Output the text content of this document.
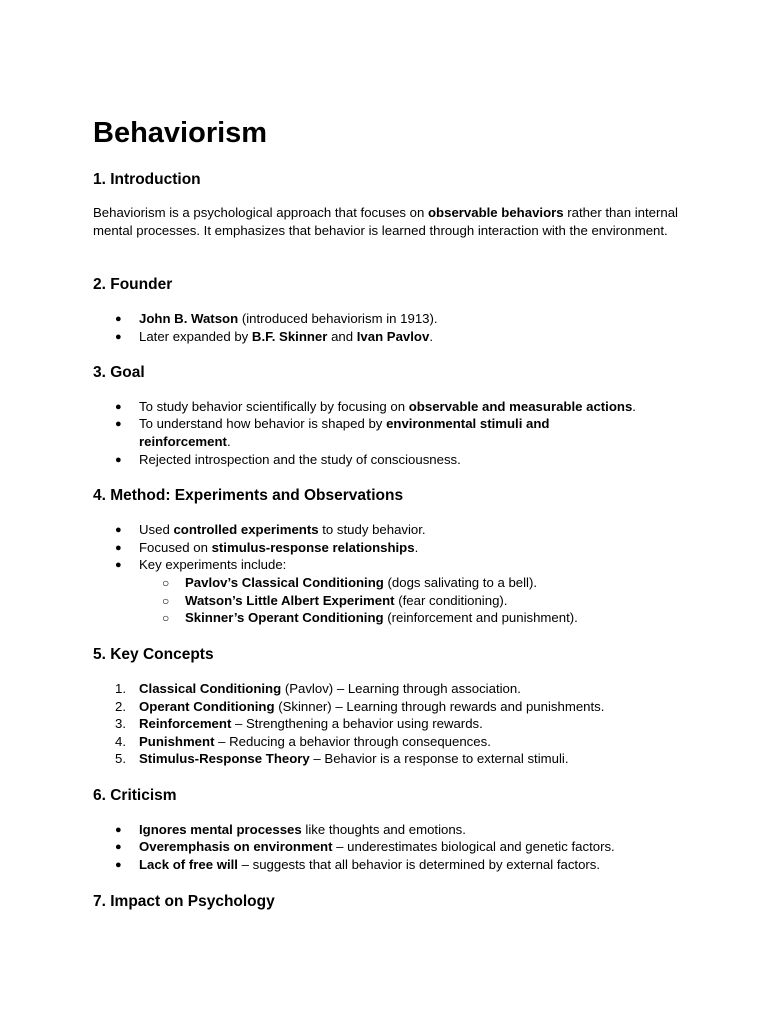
Behaviorism
1. Introduction

Behaviorism is a psychological approach that focuses on observable behaviors rather than internal mental processes. It emphasizes that behavior is learned through interaction with the environment.

2. Founder
● John B. Watson (introduced behaviorism in 1913).
● Later expanded by B.F. Skinner and Ivan Pavlov.
3. Goal
● To study behavior scientifically by focusing on observable and measurable actions.
● To understand how behavior is shaped by environmental stimuli and reinforcement.
● Rejected introspection and the study of consciousness.
4. Method: Experiments and Observations
● Used controlled experiments to study behavior.
● Focused on stimulus-response relationships.
● Key experiments include:
○ Pavlov’s Classical Conditioning (dogs salivating to a bell).
○ Watson’s Little Albert Experiment (fear conditioning).
○ Skinner’s Operant Conditioning (reinforcement and punishment).
5. Key Concepts
1. Classical Conditioning (Pavlov) – Learning through association.
2. Operant Conditioning (Skinner) – Learning through rewards and punishments.
3. Reinforcement – Strengthening a behavior using rewards.
4. Punishment – Reducing a behavior through consequences.
5. Stimulus-Response Theory – Behavior is a response to external stimuli.
6. Criticism
● Ignores mental processes like thoughts and emotions.
● Overemphasis on environment – underestimates biological and genetic factors.
● Lack of free will – suggests that all behavior is determined by external factors.
7. Impact on Psychology
